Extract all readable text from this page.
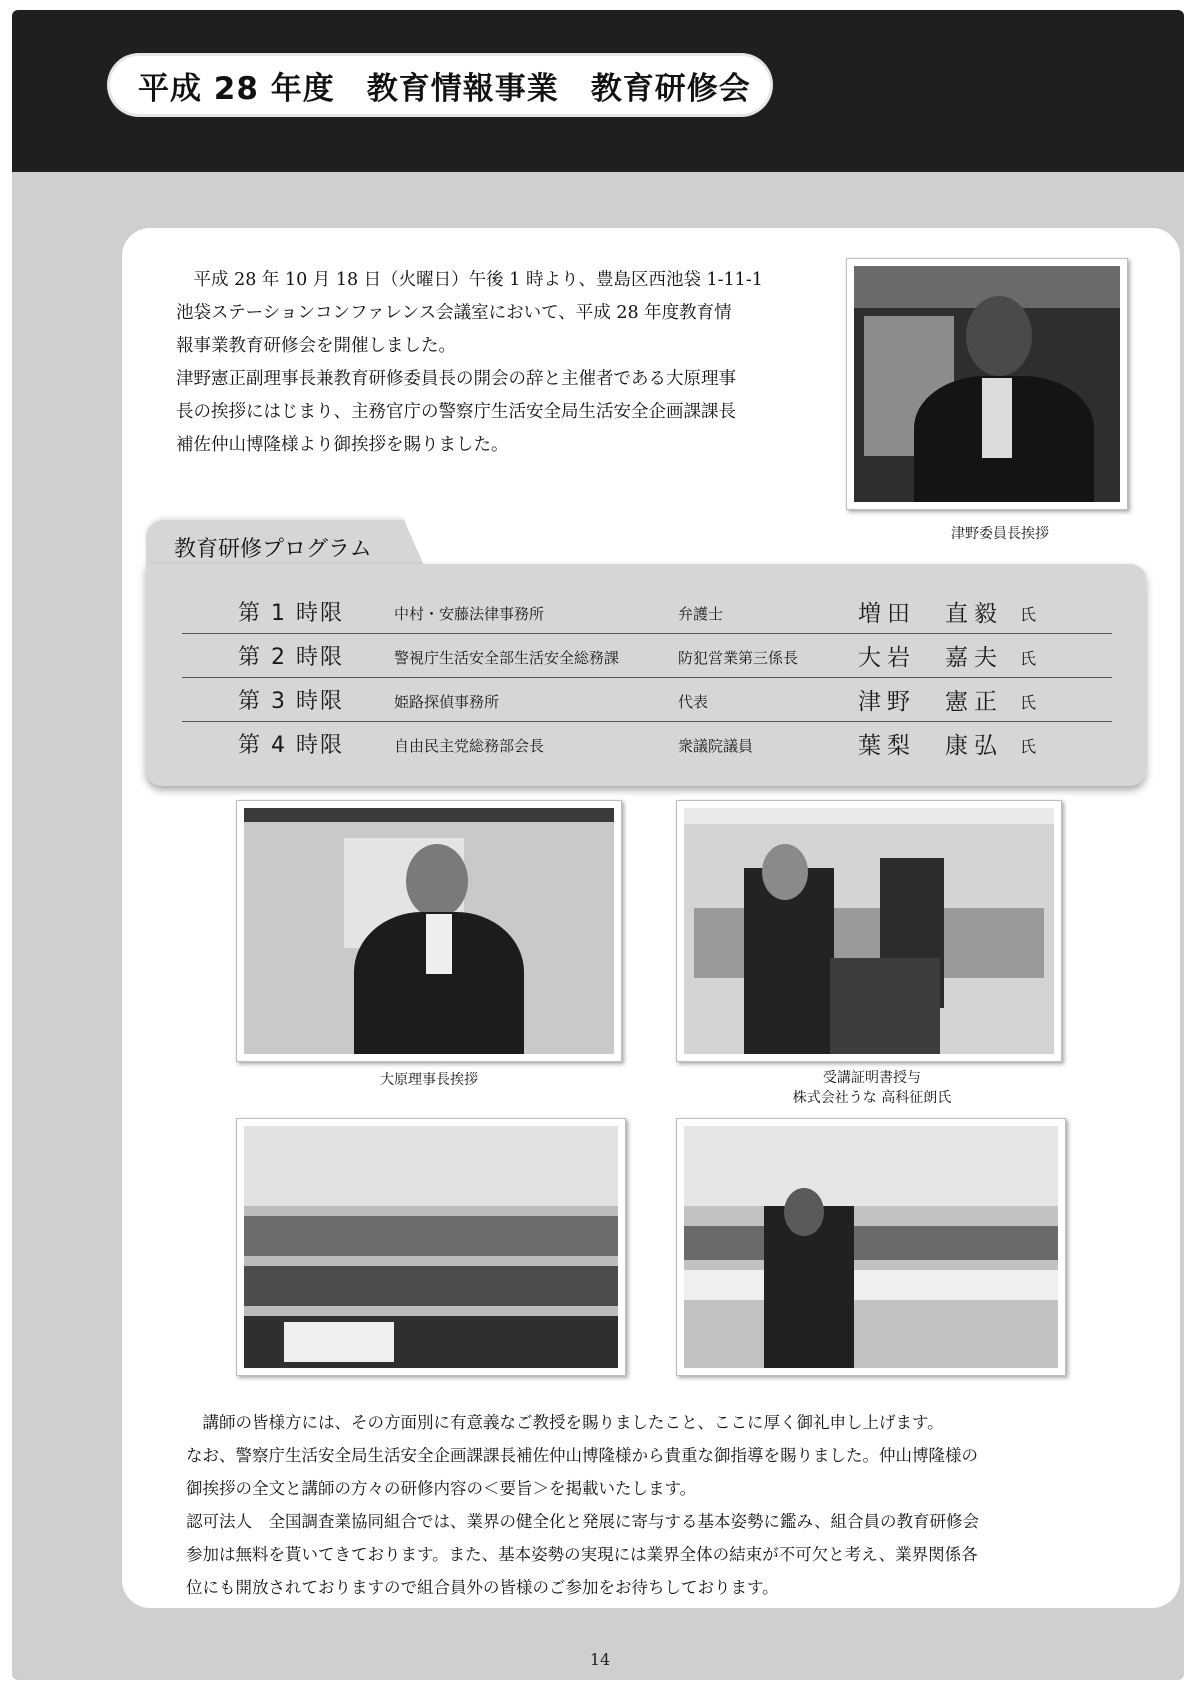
平成 28 年度　教育情報事業　教育研修会

平成 28 年 10 月 18 日（火曜日）午後 1 時より、豊島区西池袋 1-11-1

池袋ステーションコンファレンス会議室において、平成 28 年度教育情

報事業教育研修会を開催しました。

津野憲正副理事長兼教育研修委員長の開会の辞と主催者である大原理事

長の挨拶にはじまり、主務官庁の警察庁生活安全局生活安全企画課課長

補佐仲山博隆様より御挨拶を賜りました。

津野委員長挨拶
教育研修プログラム
第 1 時限	中村・安藤法律事務所	弁護士	増田　直毅 氏
第 2 時限	警視庁生活安全部生活安全総務課	防犯営業第三係長	大岩　嘉夫 氏
第 3 時限	姫路探偵事務所	代表	津野　憲正 氏
第 4 時限	自由民主党総務部会長	衆議院議員	葉梨　康弘 氏
大原理事長挨拶	受講証明書授与
株式会社うな 高科征朗氏

講師の皆様方には、その方面別に有意義なご教授を賜りましたこと、ここに厚く御礼申し上げます。

なお、警察庁生活安全局生活安全企画課課長補佐仲山博隆様から貴重な御指導を賜りました。仲山博隆様の

御挨拶の全文と講師の方々の研修内容の＜要旨＞を掲載いたします。

認可法人　全国調査業協同組合では、業界の健全化と発展に寄与する基本姿勢に鑑み、組合員の教育研修会

参加は無料を貰いてきております。また、基本姿勢の実現には業界全体の結束が不可欠と考え、業界関係各

位にも開放されておりますので組合員外の皆様のご参加をお待ちしております。

14
